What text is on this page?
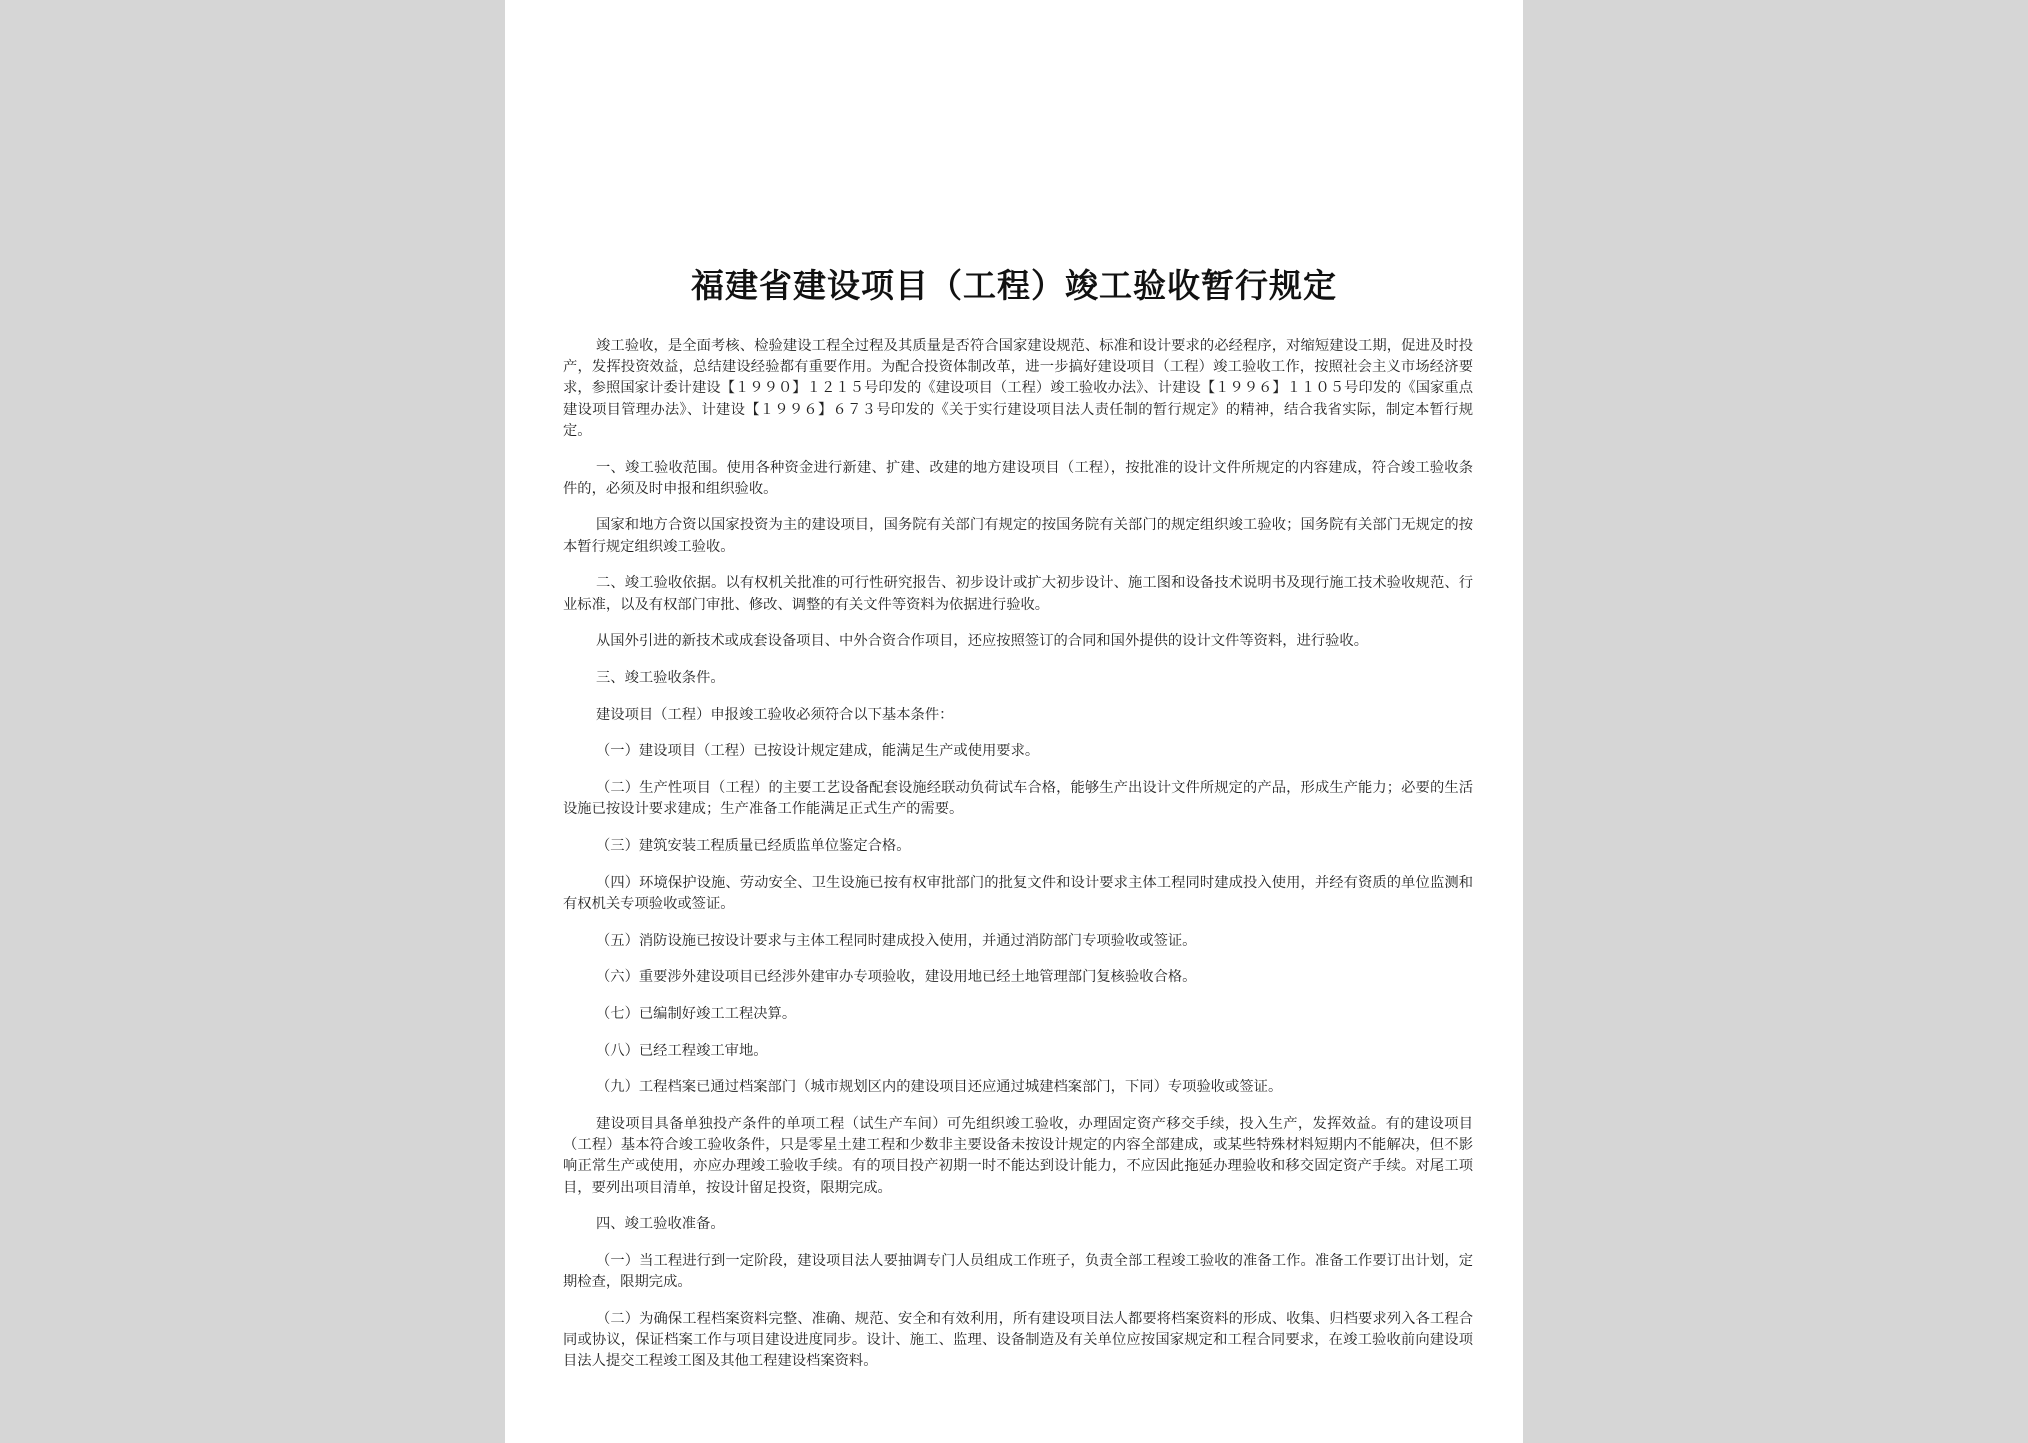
福建省建设项目（工程）竣工验收暂行规定

竣工验收，是全面考核、检验建设工程全过程及其质量是否符合国家建设规范、标准和设计要求的必经程序，对缩短建设工期，促进及时投产，发挥投资效益，总结建设经验都有重要作用。为配合投资体制改革，进一步搞好建设项目（工程）竣工验收工作，按照社会主义市场经济要求，参照国家计委计建设【１９９０】１２１５号印发的《建设项目（工程）竣工验收办法》、计建设【１９９６】１１０５号印发的《国家重点建设项目管理办法》、计建设【１９９６】６７３号印发的《关于实行建设项目法人责任制的暂行规定》的精神，结合我省实际，制定本暂行规定。

一、竣工验收范围。使用各种资金进行新建、扩建、改建的地方建设项目（工程），按批准的设计文件所规定的内容建成，符合竣工验收条件的，必须及时申报和组织验收。

国家和地方合资以国家投资为主的建设项目，国务院有关部门有规定的按国务院有关部门的规定组织竣工验收；国务院有关部门无规定的按本暂行规定组织竣工验收。

二、竣工验收依据。以有权机关批准的可行性研究报告、初步设计或扩大初步设计、施工图和设备技术说明书及现行施工技术验收规范、行业标准，以及有权部门审批、修改、调整的有关文件等资料为依据进行验收。

从国外引进的新技术或成套设备项目、中外合资合作项目，还应按照签订的合同和国外提供的设计文件等资料，进行验收。

三、竣工验收条件。

建设项目（工程）申报竣工验收必须符合以下基本条件：

（一）建设项目（工程）已按设计规定建成，能满足生产或使用要求。

（二）生产性项目（工程）的主要工艺设备配套设施经联动负荷试车合格，能够生产出设计文件所规定的产品，形成生产能力；必要的生活设施已按设计要求建成；生产准备工作能满足正式生产的需要。

（三）建筑安装工程质量已经质监单位鉴定合格。

（四）环境保护设施、劳动安全、卫生设施已按有权审批部门的批复文件和设计要求主体工程同时建成投入使用，并经有资质的单位监测和有权机关专项验收或签证。

（五）消防设施已按设计要求与主体工程同时建成投入使用，并通过消防部门专项验收或签证。

（六）重要涉外建设项目已经涉外建审办专项验收，建设用地已经土地管理部门复核验收合格。

（七）已编制好竣工工程决算。

（八）已经工程竣工审地。

（九）工程档案已通过档案部门（城市规划区内的建设项目还应通过城建档案部门，下同）专项验收或签证。

建设项目具备单独投产条件的单项工程（试生产车间）可先组织竣工验收，办理固定资产移交手续，投入生产，发挥效益。有的建设项目（工程）基本符合竣工验收条件，只是零星土建工程和少数非主要设备未按设计规定的内容全部建成，或某些特殊材料短期内不能解决，但不影响正常生产或使用，亦应办理竣工验收手续。有的项目投产初期一时不能达到设计能力，不应因此拖延办理验收和移交固定资产手续。对尾工项目，要列出项目清单，按设计留足投资，限期完成。

四、竣工验收准备。

（一）当工程进行到一定阶段，建设项目法人要抽调专门人员组成工作班子，负责全部工程竣工验收的准备工作。准备工作要订出计划，定期检查，限期完成。

（二）为确保工程档案资料完整、准确、规范、安全和有效利用，所有建设项目法人都要将档案资料的形成、收集、归档要求列入各工程合同或协议，保证档案工作与项目建设进度同步。设计、施工、监理、设备制造及有关单位应按国家规定和工程合同要求，在竣工验收前向建设项目法人提交工程竣工图及其他工程建设档案资料。
